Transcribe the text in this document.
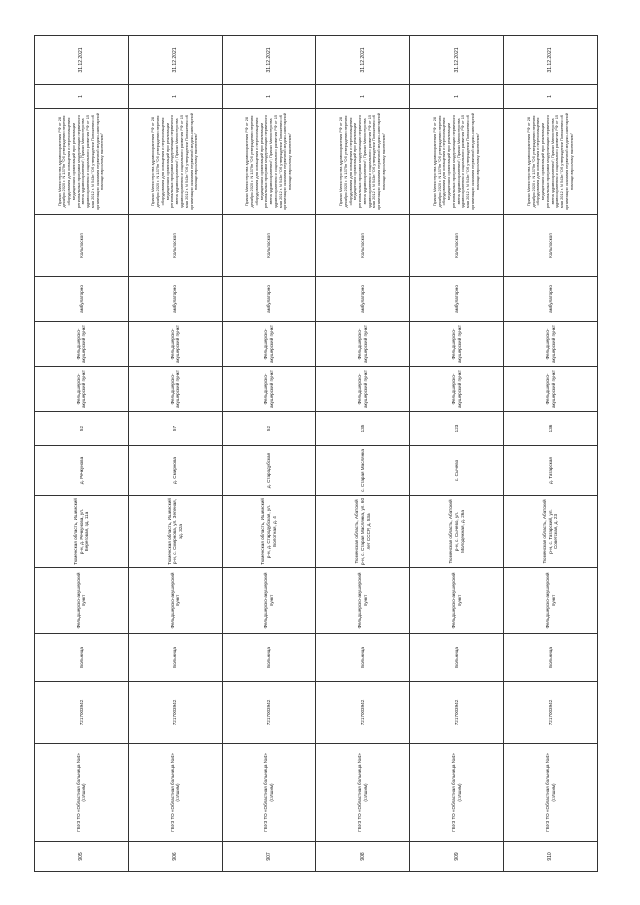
905	ГБУЗ ТО «Областная больница №4» (г.Ишим)	7217003942	Больница	Фельдшерско-акушерский пункт	Тюменская область, Ишимский р-н, д. Речкунова, ул. Береговая, зд. 11а	д. Речкунова	52	Фельдшерско-акушерский пункт	Фельдшерско-акушерский пункт	амбулаторно	Кольпоскоп	Приказ Министерства здравоохранения РФ от 28 декабря 2020 г. N 1379н "Об утверждении перечня оборудования для оснащения и переоснащения медицинских организаций при реализации региональных программ модернизации первичного звена здравоохранения"; Приказ Министерства здравоохранения и социального развития РФ от 15 мая 2012 г. N 543н "Об утверждении Положения об организации оказания первичной медико-санитарной помощи взрослому населению"	1	31.12.2021
906	ГБУЗ ТО «Областная больница №4» (г.Ишим)	7217003942	Больница	Фельдшерско-акушерский пункт	Тюменская область, Ишимский р-н, с. Смирнова, ул. Зеленая, зд. 32а	д. Смирнова	57	Фельдшерско-акушерский пункт	Фельдшерско-акушерский пункт	амбулаторно	Кольпоскоп	Приказ Министерства здравоохранения РФ от 28 декабря 2020 г. N 1379н "Об утверждении перечня оборудования для оснащения и переоснащения медицинских организаций при реализации региональных программ модернизации первичного звена здравоохранения"; Приказ Министерства здравоохранения и социального развития РФ от 15 мая 2012 г. N 543н "Об утверждении Положения об организации оказания первичной медико-санитарной помощи взрослому населению"	1	31.12.2021
907	ГБУЗ ТО «Областная больница №4» (г.Ишим)	7217003942	Больница	Фельдшерско-акушерский пункт	Тюменская область, Ишимский р-н, д. Стародубская, ул. Болотная, д. 4	д. Стародубская	52	Фельдшерско-акушерский пункт	Фельдшерско-акушерский пункт	амбулаторно	Кольпоскоп	Приказ Министерства здравоохранения РФ от 28 декабря 2020 г. N 1379н "Об утверждении перечня оборудования для оснащения и переоснащения медицинских организаций при реализации региональных программ модернизации первичного звена здравоохранения"; Приказ Министерства здравоохранения и социального развития РФ от 15 мая 2012 г. N 543н "Об утверждении Положения об организации оказания первичной медико-санитарной помощи взрослому населению"	1	31.12.2021
908	ГБУЗ ТО «Областная больница №4» (г.Ишим)	7217003942	Больница	Фельдшерско-акушерский пункт	Тюменская область, Абатский р-н, с. Старая Маслянка, ул. 60 лет СССР, д. 53а	с. Старая Маслянка	135	Фельдшерско-акушерский пункт	Фельдшерско-акушерский пункт	амбулаторно	Кольпоскоп	Приказ Министерства здравоохранения РФ от 28 декабря 2020 г. N 1379н "Об утверждении перечня оборудования для оснащения и переоснащения медицинских организаций при реализации региональных программ модернизации первичного звена здравоохранения"; Приказ Министерства здравоохранения и социального развития РФ от 15 мая 2012 г. N 543н "Об утверждении Положения об организации оказания первичной медико-санитарной помощи взрослому населению"	1	31.12.2021
909	ГБУЗ ТО «Областная больница №4» (г.Ишим)	7217003942	Больница	Фельдшерско-акушерский пункт	Тюменская область, Абатский р-н, с. Сычево, ул. Молодежная, д. 26а	с. Сычево	123	Фельдшерско-акушерский пункт	Фельдшерско-акушерский пункт	амбулаторно	Кольпоскоп	Приказ Министерства здравоохранения РФ от 28 декабря 2020 г. N 1379н "Об утверждении перечня оборудования для оснащения и переоснащения медицинских организаций при реализации региональных программ модернизации первичного звена здравоохранения"; Приказ Министерства здравоохранения и социального развития РФ от 15 мая 2012 г. N 543н "Об утверждении Положения об организации оказания первичной медико-санитарной помощи взрослому населению"	1	31.12.2021
910	ГБУЗ ТО «Областная больница №4» (г.Ишим)	7217003942	Больница	Фельдшерско-акушерский пункт	Тюменская область, Абатский р-н, с. Татарский, ул. Советская, д. 23	д. Татарская	136	Фельдшерско-акушерский пункт	Фельдшерско-акушерский пункт	амбулаторно	Кольпоскоп	Приказ Министерства здравоохранения РФ от 28 декабря 2020 г. N 1379н "Об утверждении перечня оборудования для оснащения и переоснащения медицинских организаций при реализации региональных программ модернизации первичного звена здравоохранения"; Приказ Министерства здравоохранения и социального развития РФ от 15 мая 2012 г. N 543н "Об утверждении Положения об организации оказания первичной медико-санитарной помощи взрослому населению"	1	31.12.2021
